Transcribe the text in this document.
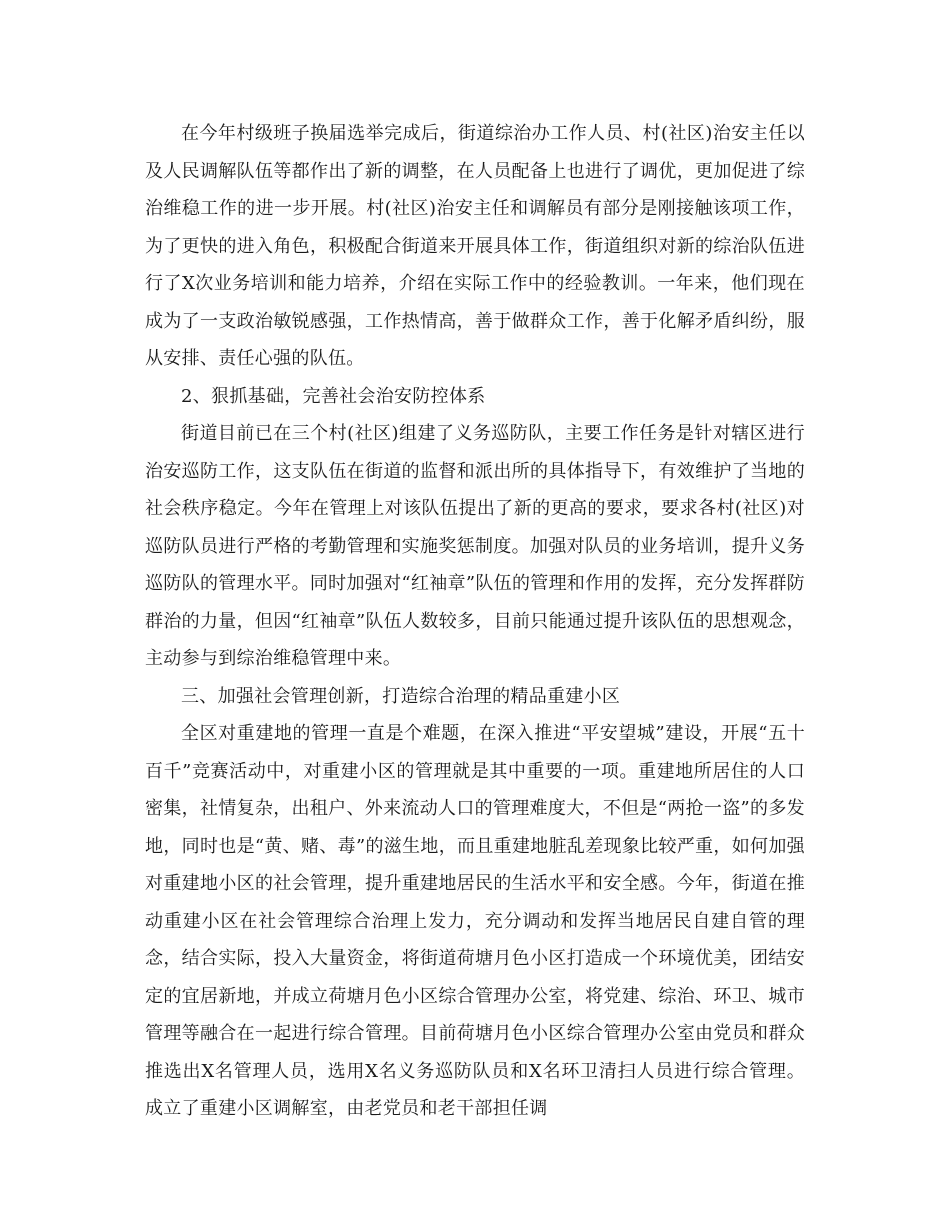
在今年村级班子换届选举完成后，街道综治办工作人员、村(社区)治安主任以及人民调解队伍等都作出了新的调整，在人员配备上也进行了调优，更加促进了综治维稳工作的进一步开展。村(社区)治安主任和调解员有部分是刚接触该项工作，为了更快的进入角色，积极配合街道来开展具体工作，街道组织对新的综治队伍进行了X次业务培训和能力培养，介绍在实际工作中的经验教训。一年来，他们现在成为了一支政治敏锐感强，工作热情高，善于做群众工作，善于化解矛盾纠纷，服从安排、责任心强的队伍。

2、狠抓基础，完善社会治安防控体系

街道目前已在三个村(社区)组建了义务巡防队，主要工作任务是针对辖区进行治安巡防工作，这支队伍在街道的监督和派出所的具体指导下，有效维护了当地的社会秩序稳定。今年在管理上对该队伍提出了新的更高的要求，要求各村(社区)对巡防队员进行严格的考勤管理和实施奖惩制度。加强对队员的业务培训，提升义务巡防队的管理水平。同时加强对“红袖章”队伍的管理和作用的发挥，充分发挥群防群治的力量，但因“红袖章”队伍人数较多，目前只能通过提升该队伍的思想观念，主动参与到综治维稳管理中来。

三、加强社会管理创新，打造综合治理的精品重建小区

全区对重建地的管理一直是个难题，在深入推进“平安望城”建设，开展“五十百千”竞赛活动中，对重建小区的管理就是其中重要的一项。重建地所居住的人口密集，社情复杂，出租户、外来流动人口的管理难度大，不但是“两抢一盗”的多发地，同时也是“黄、赌、毒”的滋生地，而且重建地脏乱差现象比较严重，如何加强对重建地小区的社会管理，提升重建地居民的生活水平和安全感。今年，街道在推动重建小区在社会管理综合治理上发力，充分调动和发挥当地居民自建自管的理念，结合实际，投入大量资金，将街道荷塘月色小区打造成一个环境优美，团结安定的宜居新地，并成立荷塘月色小区综合管理办公室，将党建、综治、环卫、城市管理等融合在一起进行综合管理。目前荷塘月色小区综合管理办公室由党员和群众推选出X名管理人员，选用X名义务巡防队员和X名环卫清扫人员进行综合管理。成立了重建小区调解室，由老党员和老干部担任调
